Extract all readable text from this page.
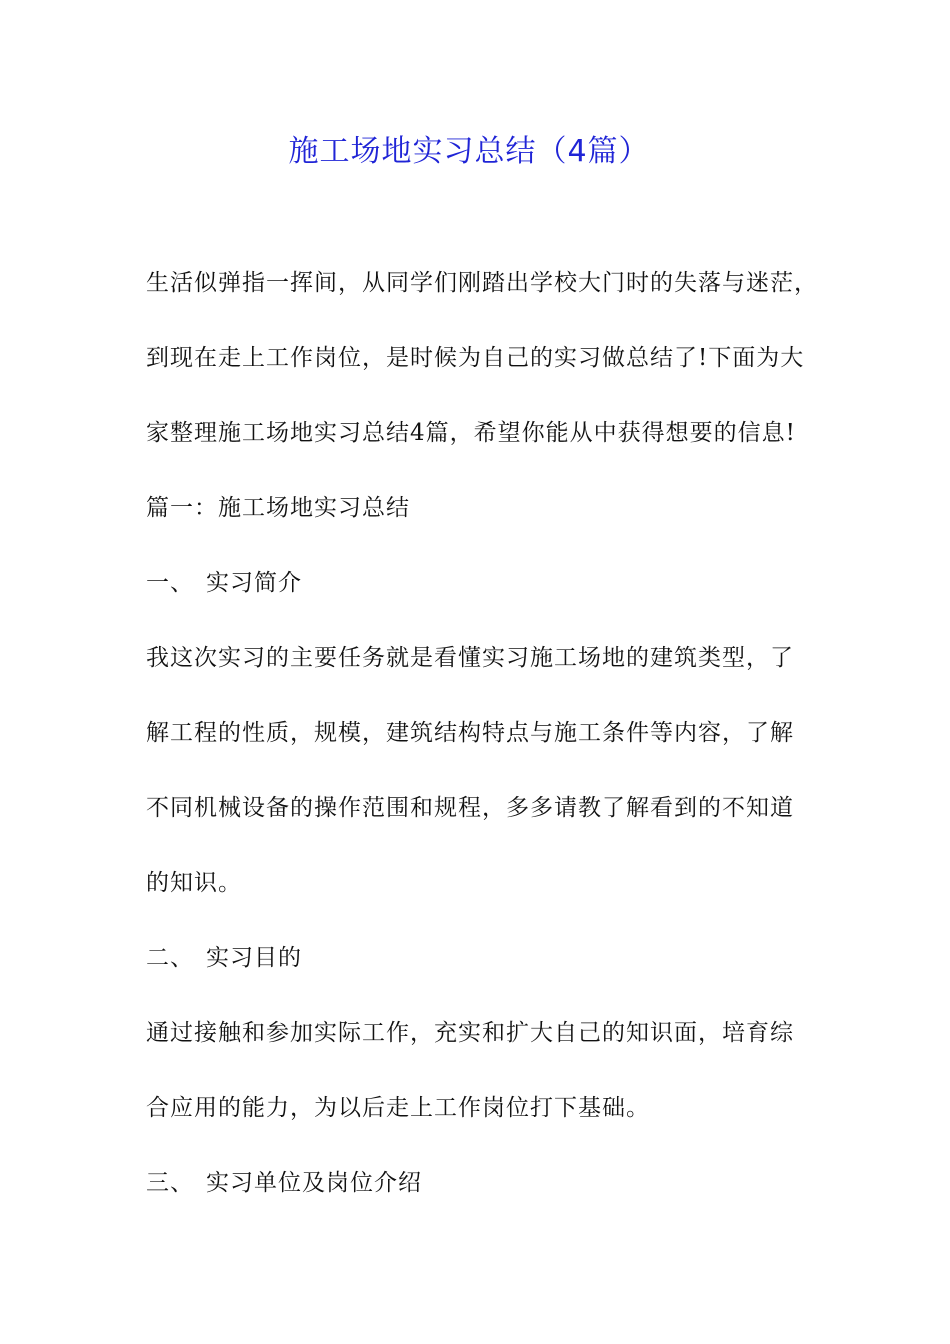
施工场地实习总结（4篇）
生活似弹指一挥间，从同学们刚踏出学校大门时的失落与迷茫，
到现在走上工作岗位，是时候为自己的实习做总结了!下面为大
家整理施工场地实习总结4篇，希望你能从中获得想要的信息!
篇一：施工场地实习总结
一、 实习简介
我这次实习的主要任务就是看懂实习施工场地的建筑类型，了
解工程的性质，规模，建筑结构特点与施工条件等内容，了解
不同机械设备的操作范围和规程，多多请教了解看到的不知道
的知识。
二、 实习目的
通过接触和参加实际工作，充实和扩大自己的知识面，培育综
合应用的能力，为以后走上工作岗位打下基础。
三、 实习单位及岗位介绍
